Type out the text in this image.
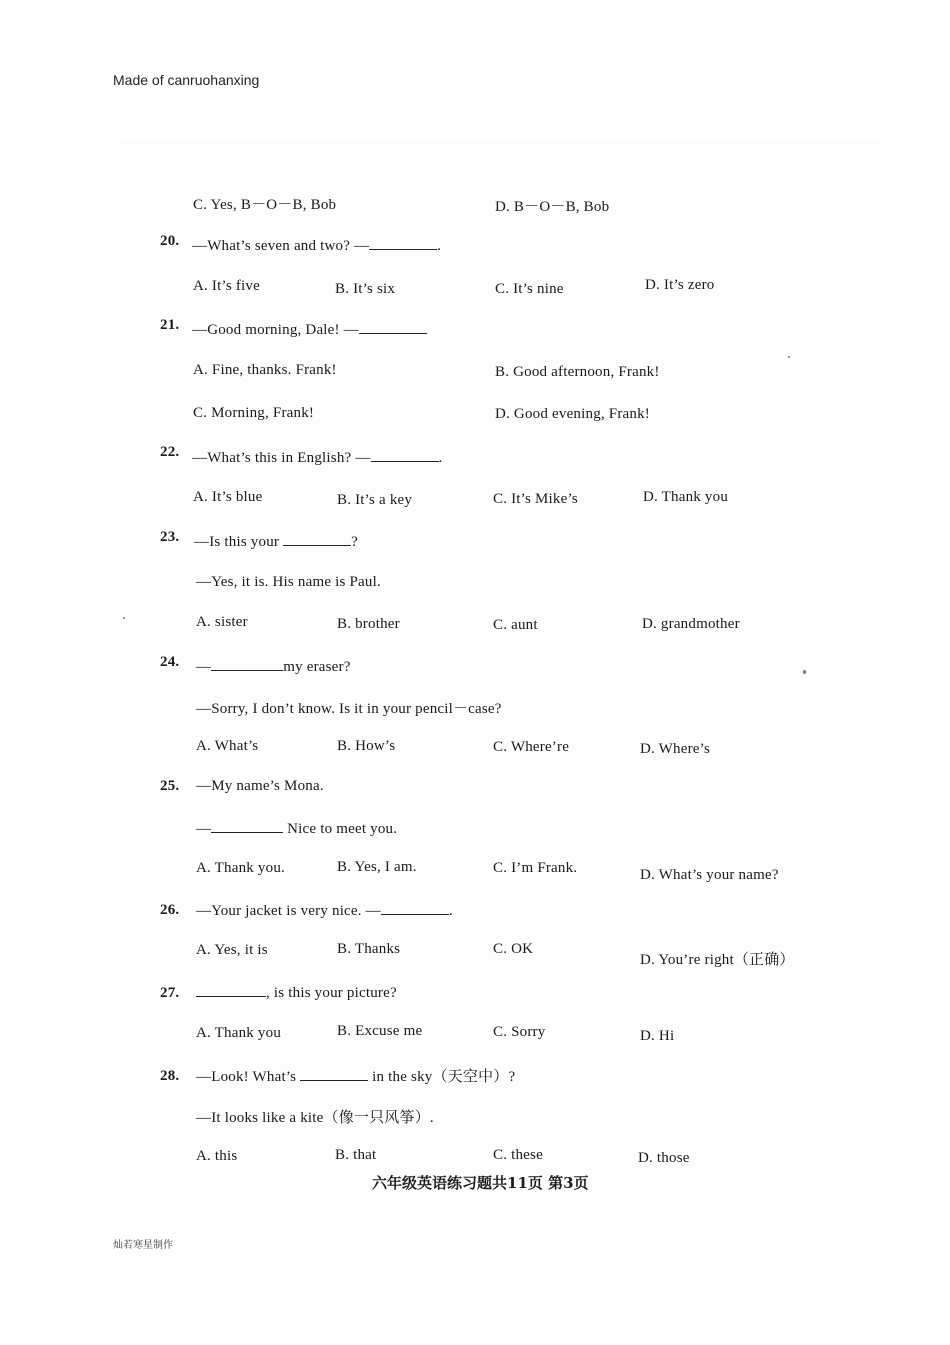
Made of canruohanxing
C. Yes, B－O－B, Bob	D. B－O－B, Bob
20. —What’s seven and two? —	.
A. It’s five	B. It’s six	C. It’s nine	D. It’s zero
21. —Good morning, Dale! —
A. Fine, thanks. Frank!	B. Good afternoon, Frank!
C. Morning, Frank!	D. Good evening, Frank!
22. —What’s this in English? —	.
A. It’s blue	B. It’s a key	C. It’s Mike’s	D. Thank you
23. —Is this your	?
—Yes, it is. His name is Paul.
A. sister	B. brother	C. aunt	D. grandmother
24. —	my eraser?
—Sorry, I don’t know. Is it in your pencil－case?
A. What’s	B. How’s	C. Where’re	D. Where’s
25. —My name’s Mona.
—	Nice to meet you.
A. Thank you.	B. Yes, I am.	C. I’m Frank.	D. What’s your name?
26. —Your jacket is very nice. —	.
A. Yes, it is	B. Thanks	C. OK
D. You’re right（正确）
27.	, is this your picture?
A. Thank you	B. Excuse me	C. Sorry	D. Hi
28. —Look! What’s	in the sky（天空中）?
—It looks like a kite（像一只风筝）.
A. this	B. that	C. these	D. those
六年级英语练习题共11页 第3页
灿若寒星制作
